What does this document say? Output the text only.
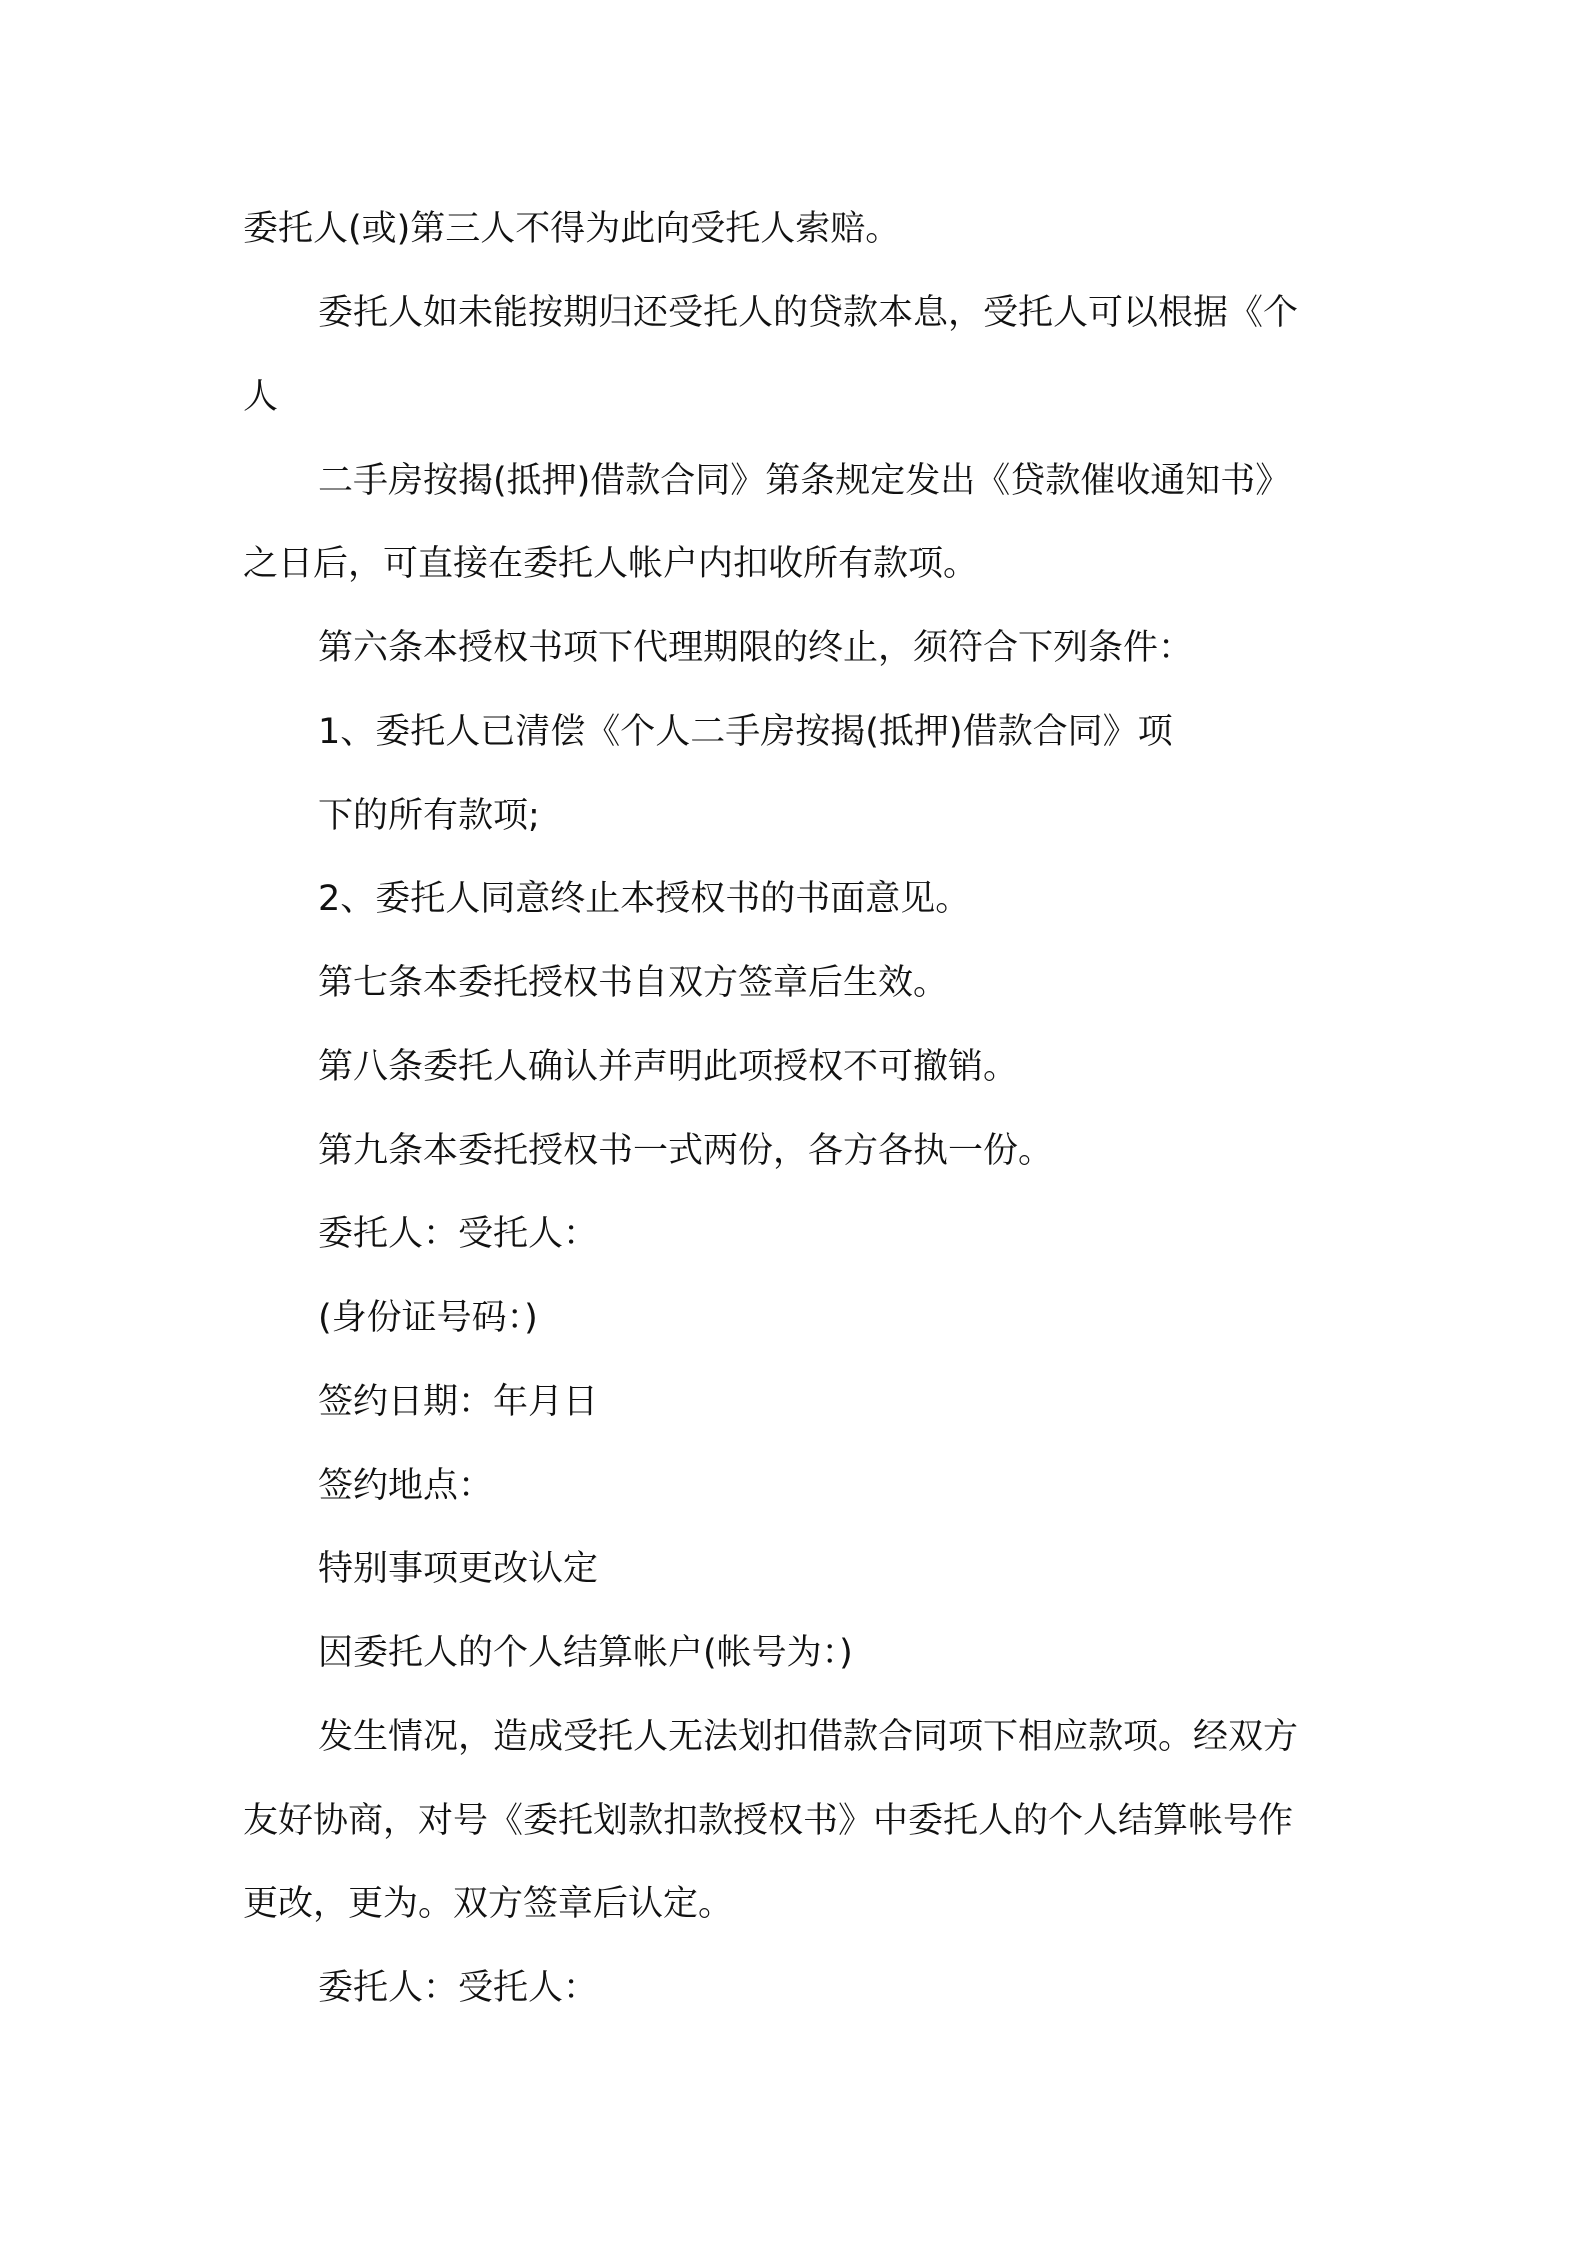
委托人(或)第三人不得为此向受托人索赔。
委托人如未能按期归还受托人的贷款本息，受托人可以根据《个
人
二手房按揭(抵押)借款合同》第条规定发出《贷款催收通知书》
之日后，可直接在委托人帐户内扣收所有款项。
第六条本授权书项下代理期限的终止，须符合下列条件：
1、委托人已清偿《个人二手房按揭(抵押)借款合同》项
下的所有款项;
2、委托人同意终止本授权书的书面意见。
第七条本委托授权书自双方签章后生效。
第八条委托人确认并声明此项授权不可撤销。
第九条本委托授权书一式两份，各方各执一份。
委托人：受托人：
(身份证号码：)
签约日期：年月日
签约地点：
特别事项更改认定
因委托人的个人结算帐户(帐号为：)
发生情况，造成受托人无法划扣借款合同项下相应款项。经双方
友好协商，对号《委托划款扣款授权书》中委托人的个人结算帐号作
更改，更为。双方签章后认定。
委托人：受托人：
